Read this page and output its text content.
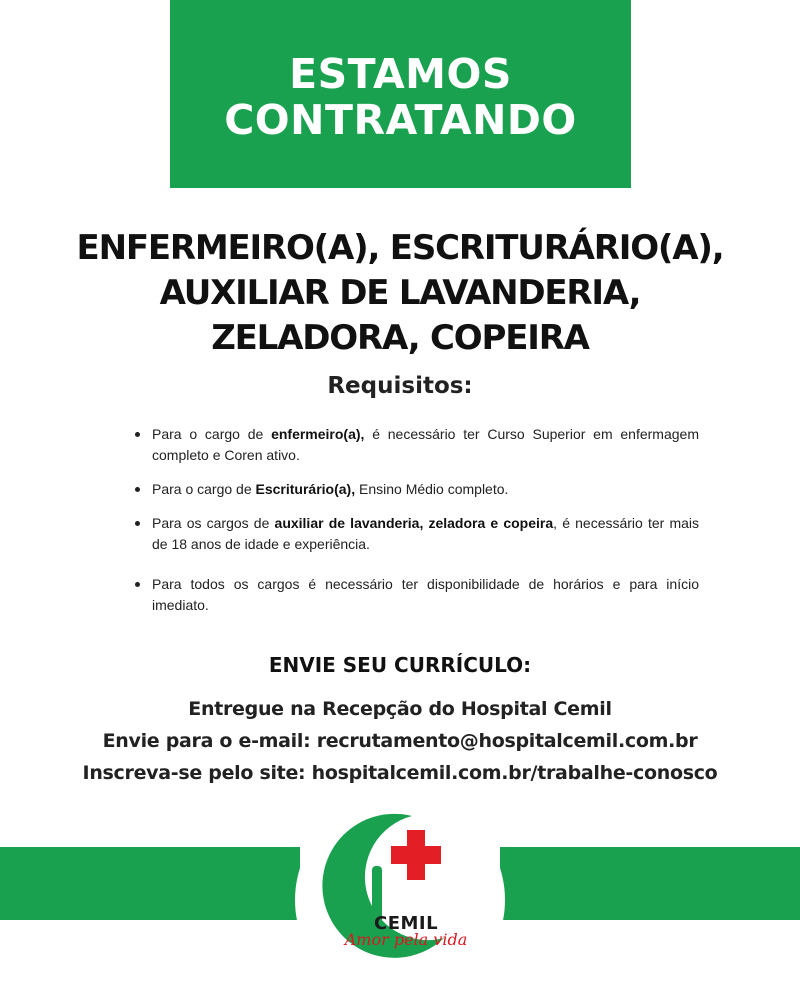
ESTAMOS
CONTRATANDO
ENFERMEIRO(A), ESCRITURÁRIO(A),
AUXILIAR DE LAVANDERIA,
ZELADORA, COPEIRA
Requisitos:
Para o cargo de enfermeiro(a), é necessário ter Curso Superior em enfermagem completo e Coren ativo.
Para o cargo de Escriturário(a), Ensino Médio completo.
Para os cargos de auxiliar de lavanderia, zeladora e copeira, é necessário ter mais de 18 anos de idade e experiência.
Para todos os cargos é necessário ter disponibilidade de horários e para início imediato.
ENVIE SEU CURRÍCULO:
Entregue na Recepção do Hospital Cemil
Envie para o e-mail: recrutamento@hospitalcemil.com.br
Inscreva-se pelo site: hospitalcemil.com.br/trabalhe-conosco
CEMIL
Amor pela vida
